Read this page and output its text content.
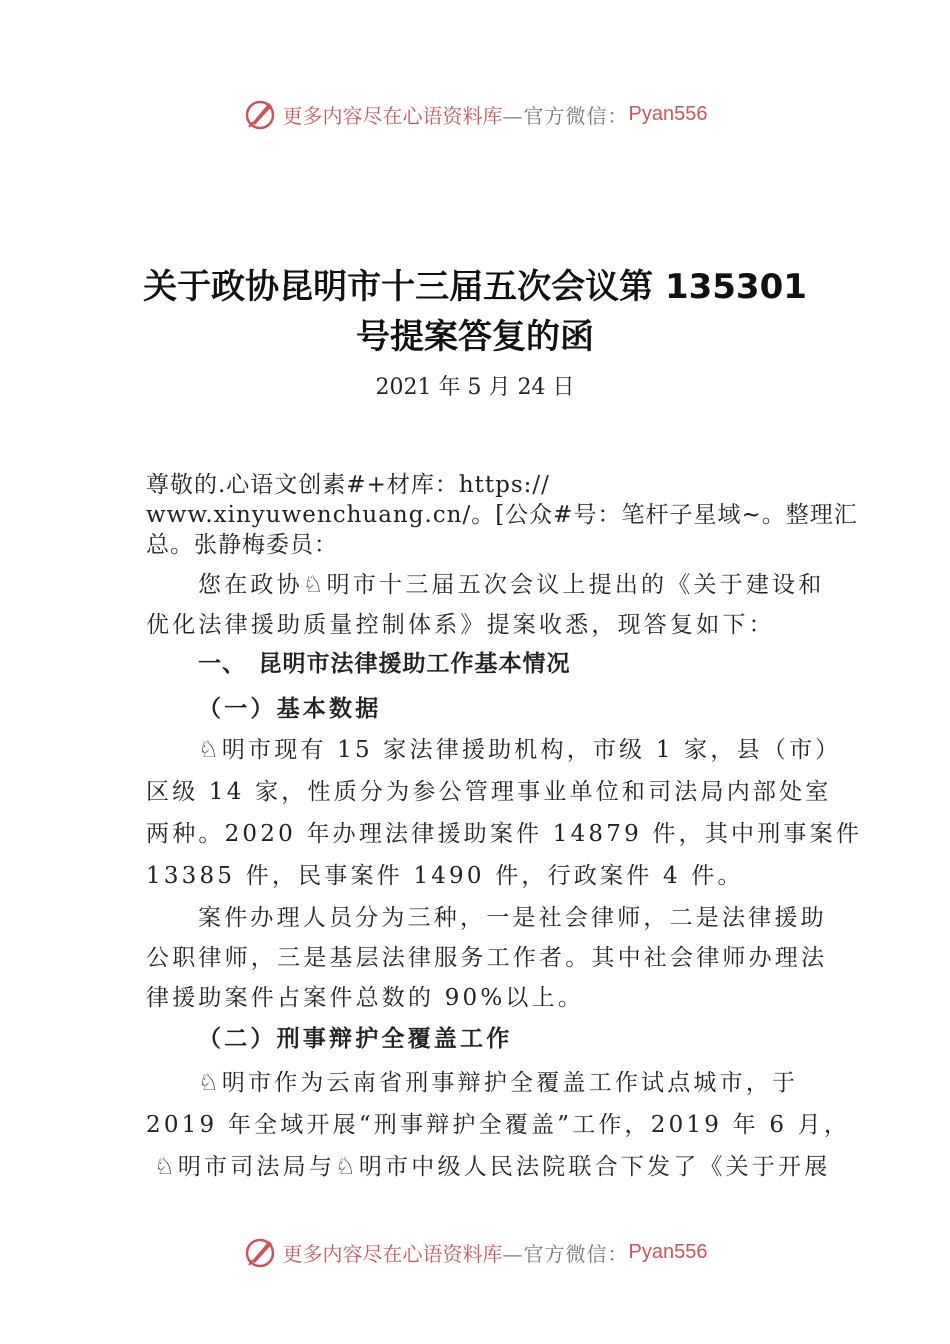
更多内容尽在心语资料库 —官方微信： Pyan556
关于政协昆明市十三届五次会议第 135301
号提案答复的函
2021 年 5 月 24 日
尊敬的.心语文创素#+材库：https://
www.xinyuwenchuang.cn/。[公众#号：笔杆子星域~。整理汇
总。张静梅委员：
您在政协♘明市十三届五次会议上提出的《关于建设和
优化法律援助质量控制体系》提案收悉，现答复如下：
一、　昆明市法律援助工作基本情况
（一）基本数据
♘明市现有 15 家法律援助机构，市级 1 家，县（市）
区级 14 家，性质分为参公管理事业单位和司法局内部处室
两种。2020 年办理法律援助案件 14879 件，其中刑事案件
13385 件，民事案件 1490 件，行政案件 4 件。
案件办理人员分为三种，一是社会律师，二是法律援助
公职律师，三是基层法律服务工作者。其中社会律师办理法
律援助案件占案件总数的 90%以上。
（二）刑事辩护全覆盖工作
♘明市作为云南省刑事辩护全覆盖工作试点城市，于
2019 年全域开展“刑事辩护全覆盖”工作，2019 年 6 月，
♘明市司法局与♘明市中级人民法院联合下发了《关于开展
更多内容尽在心语资料库 —官方微信： Pyan556
